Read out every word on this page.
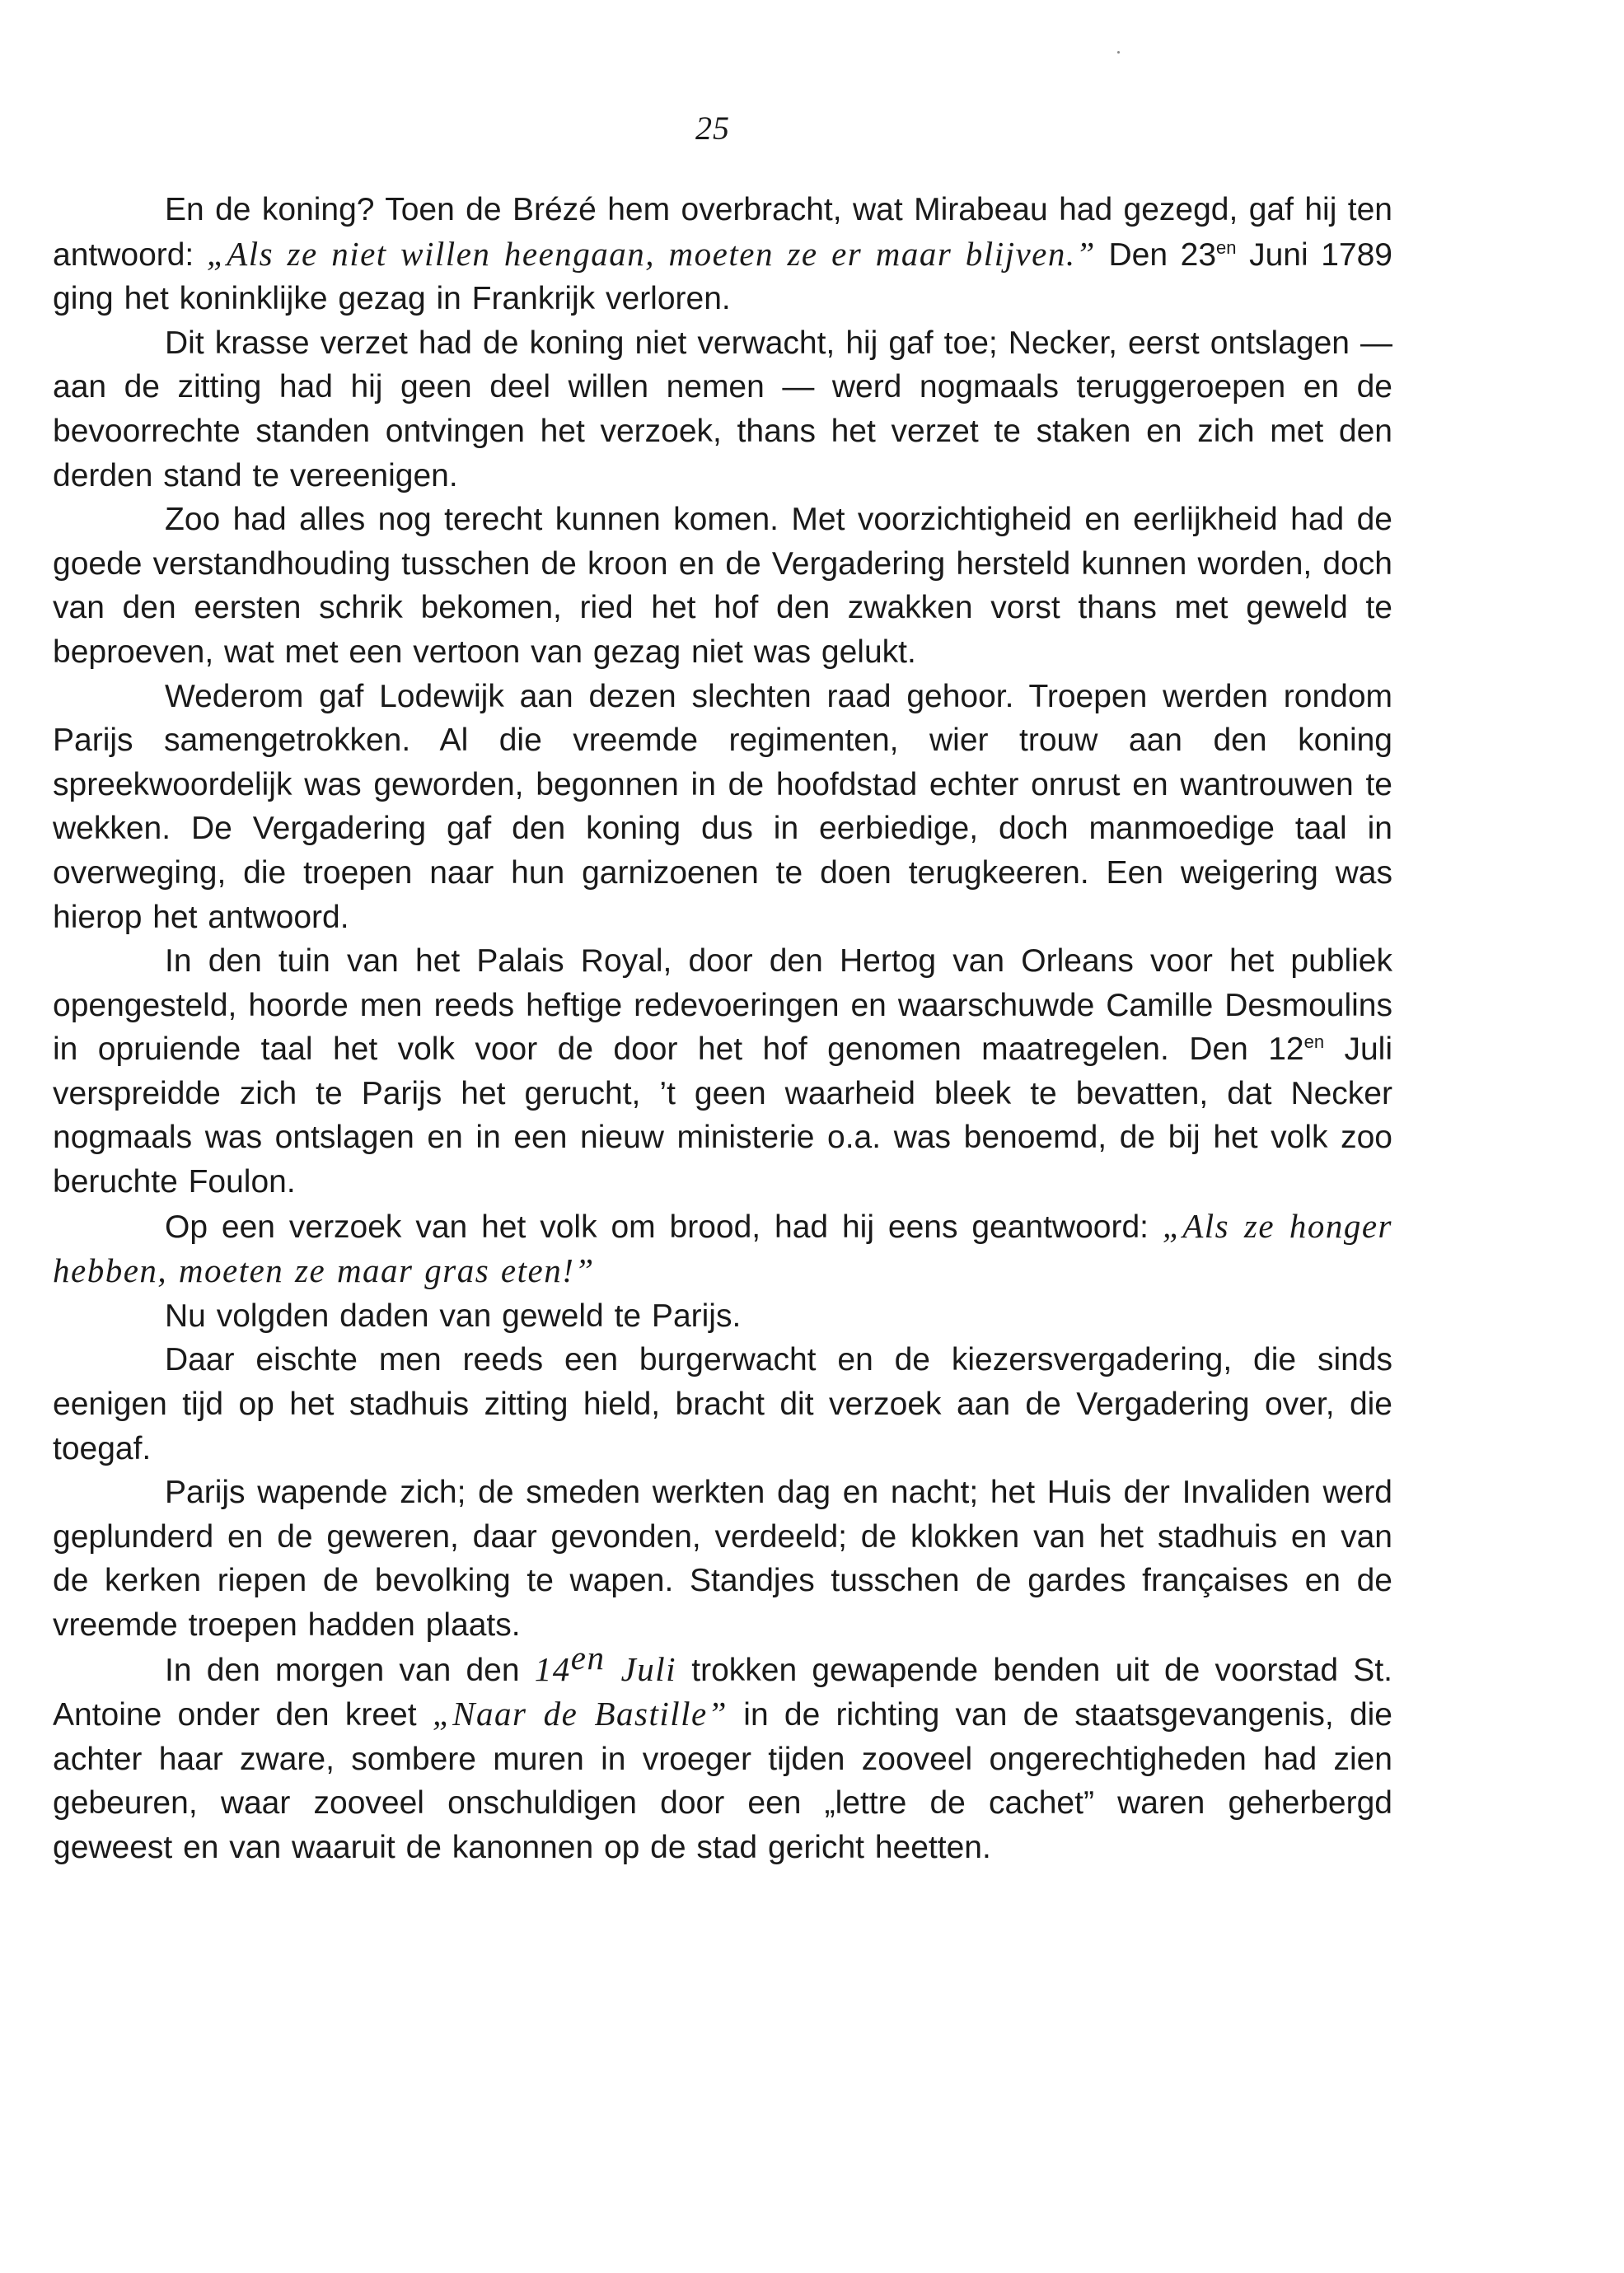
25

En de koning? Toen de Brézé hem overbracht, wat Mirabeau had gezegd, gaf hij ten antwoord: „Als ze niet willen heengaan, moeten ze er maar blijven.” Den $23^{en}$ Juni 1789 ging het koninklijke gezag in Frankrijk verloren.

Dit krasse verzet had de koning niet verwacht, hij gaf toe; Necker, eerst ontslagen — aan de zitting had hij geen deel willen nemen — werd nogmaals teruggeroepen en de bevoorrechte standen ontvingen het verzoek, thans het verzet te staken en zich met den derden stand te vereenigen.

Zoo had alles nog terecht kunnen komen. Met voorzichtigheid en eerlijkheid had de goede verstandhouding tusschen de kroon en de Vergadering hersteld kunnen worden, doch van den eersten schrik bekomen, ried het hof den zwakken vorst thans met geweld te beproeven, wat met een vertoon van gezag niet was gelukt.

Wederom gaf Lodewijk aan dezen slechten raad gehoor. Troepen werden rondom Parijs samengetrokken. Al die vreemde regimenten, wier trouw aan den koning spreekwoordelijk was geworden, begonnen in de hoofdstad echter onrust en wantrouwen te wekken. De Vergadering gaf den koning dus in eerbiedige, doch manmoedige taal in overweging, die troepen naar hun garnizoenen te doen terugkeeren. Een weigering was hierop het antwoord.

In den tuin van het Palais Royal, door den Hertog van Orleans voor het publiek opengesteld, hoorde men reeds heftige redevoeringen en waarschuwde Camille Desmoulins in opruiende taal het volk voor de door het hof genomen maatregelen. Den $12^{en}$ Juli verspreidde zich te Parijs het gerucht, ’t geen waarheid bleek te bevatten, dat Necker nogmaals was ontslagen en in een nieuw ministerie o.a. was benoemd, de bij het volk zoo beruchte Foulon.

Op een verzoek van het volk om brood, had hij eens geantwoord: „Als ze honger hebben, moeten ze maar gras eten!”

Nu volgden daden van geweld te Parijs.

Daar eischte men reeds een burgerwacht en de kiezersvergadering, die sinds eenigen tijd op het stadhuis zitting hield, bracht dit verzoek aan de Vergadering over, die toegaf.

Parijs wapende zich; de smeden werkten dag en nacht; het Huis der Invaliden werd geplunderd en de geweren, daar gevonden, verdeeld; de klokken van het stadhuis en van de kerken riepen de bevolking te wapen. Standjes tusschen de gardes françaises en de vreemde troepen hadden plaats.

In den morgen van den $14^{en}$ Juli trokken gewapende benden uit de voorstad St. Antoine onder den kreet „Naar de Bastille” in de richting van de staatsgevangenis, die achter haar zware, sombere muren in vroeger tijden zooveel ongerechtigheden had zien gebeuren, waar zooveel onschuldigen door een „lettre de cachet” waren geherbergd geweest en van waaruit de kanonnen op de stad gericht heetten.
